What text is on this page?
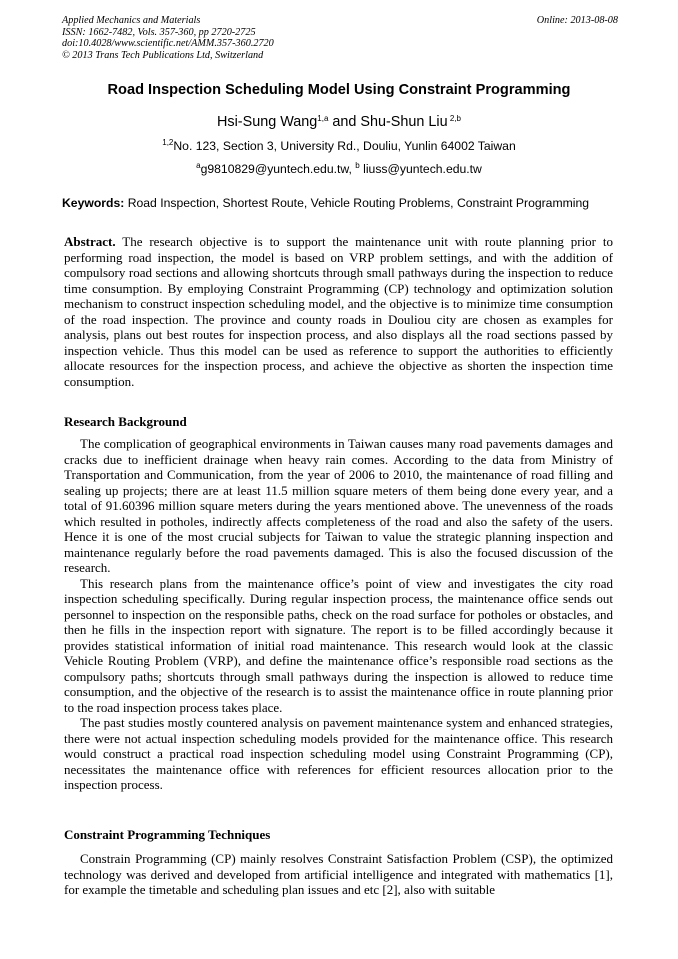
Applied Mechanics and Materials
ISSN: 1662-7482, Vols. 357-360, pp 2720-2725
doi:10.4028/www.scientific.net/AMM.357-360.2720
© 2013 Trans Tech Publications Ltd, Switzerland
Online: 2013-08-08
Road Inspection Scheduling Model Using Constraint Programming
Hsi-Sung Wang$^{1,a}$ and Shu-Shun Liu $^{2,b}$
$^{1,2}$No. 123, Section 3, University Rd., Douliu, Yunlin 64002 Taiwan
$^a$g9810829@yuntech.edu.tw, $^b$ liuss@yuntech.edu.tw
Keywords: Road Inspection, Shortest Route, Vehicle Routing Problems, Constraint Programming
Abstract. The research objective is to support the maintenance unit with route planning prior to performing road inspection, the model is based on VRP problem settings, and with the addition of compulsory road sections and allowing shortcuts through small pathways during the inspection to reduce time consumption. By employing Constraint Programming (CP) technology and optimization solution mechanism to construct inspection scheduling model, and the objective is to minimize time consumption of the road inspection. The province and county roads in Douliou city are chosen as examples for analysis, plans out best routes for inspection process, and also displays all the road sections passed by inspection vehicle. Thus this model can be used as reference to support the authorities to efficiently allocate resources for the inspection process, and achieve the objective as shorten the inspection time consumption.
Research Background

The complication of geographical environments in Taiwan causes many road pavements damages and cracks due to inefficient drainage when heavy rain comes. According to the data from Ministry of Transportation and Communication, from the year of 2006 to 2010, the maintenance of road filling and sealing up projects; there are at least 11.5 million square meters of them being done every year, and a total of 91.60396 million square meters during the years mentioned above. The unevenness of the roads which resulted in potholes, indirectly affects completeness of the road and also the safety of the users. Hence it is one of the most crucial subjects for Taiwan to value the strategic planning inspection and maintenance regularly before the road pavements damaged. This is also the focused discussion of the research.

This research plans from the maintenance office’s point of view and investigates the city road inspection scheduling specifically. During regular inspection process, the maintenance office sends out personnel to inspection on the responsible paths, check on the road surface for potholes or obstacles, and then he fills in the inspection report with signature. The report is to be filled accordingly because it provides statistical information of initial road maintenance. This research would look at the classic Vehicle Routing Problem (VRP), and define the maintenance office’s responsible road sections as the compulsory paths; shortcuts through small pathways during the inspection is allowed to reduce time consumption, and the objective of the research is to assist the maintenance office in route planning prior to the road inspection process takes place.

The past studies mostly countered analysis on pavement maintenance system and enhanced strategies, there were not actual inspection scheduling models provided for the maintenance office. This research would construct a practical road inspection scheduling model using Constraint Programming (CP), necessitates the maintenance office with references for efficient resources allocation prior to the inspection process.

Constraint Programming Techniques

Constrain Programming (CP) mainly resolves Constraint Satisfaction Problem (CSP), the optimized technology was derived and developed from artificial intelligence and integrated with mathematics [1], for example the timetable and scheduling plan issues and etc [2], also with suitable
